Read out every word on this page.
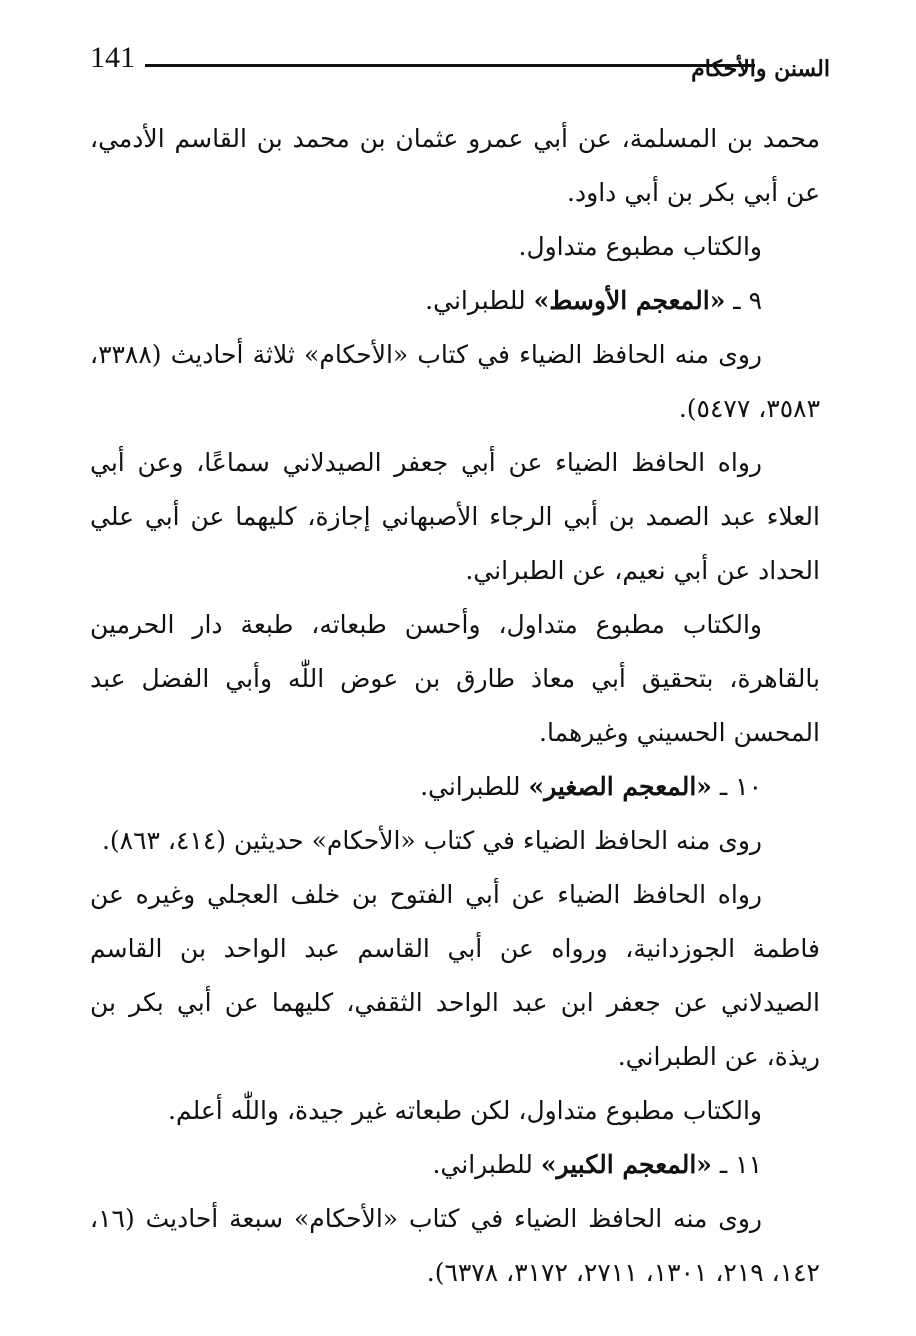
141	السنن والأحكام

محمد بن المسلمة، عن أبي عمرو عثمان بن محمد بن القاسم الأدمي، عن أبي بكر بن أبي داود.

والكتاب مطبوع متداول.

٩ ـ «المعجم الأوسط» للطبراني.

روى منه الحافظ الضياء في كتاب «الأحكام» ثلاثة أحاديث (٣٣٨٨، ٣٥٨٣، ٥٤٧٧).

رواه الحافظ الضياء عن أبي جعفر الصيدلاني سماعًا، وعن أبي العلاء عبد الصمد بن أبي الرجاء الأصبهاني إجازة، كليهما عن أبي علي الحداد عن أبي نعيم، عن الطبراني.

والكتاب مطبوع متداول، وأحسن طبعاته، طبعة دار الحرمين بالقاهرة، بتحقيق أبي معاذ طارق بن عوض اللّٰه وأبي الفضل عبد المحسن الحسيني وغيرهما.

١٠ ـ «المعجم الصغير» للطبراني.

روى منه الحافظ الضياء في كتاب «الأحكام» حديثين (٤١٤، ٨٦٣).

رواه الحافظ الضياء عن أبي الفتوح بن خلف العجلي وغيره عن فاطمة الجوزدانية، ورواه عن أبي القاسم عبد الواحد بن القاسم الصيدلاني عن جعفر ابن عبد الواحد الثقفي، كليهما عن أبي بكر بن ريذة، عن الطبراني.

والكتاب مطبوع متداول، لكن طبعاته غير جيدة، واللّٰه أعلم.

١١ ـ «المعجم الكبير» للطبراني.

روى منه الحافظ الضياء في كتاب «الأحكام» سبعة أحاديث (١٦، ١٤٢، ٢١٩، ١٣٠١، ٢٧١١، ٣١٧٢، ٦٣٧٨).
